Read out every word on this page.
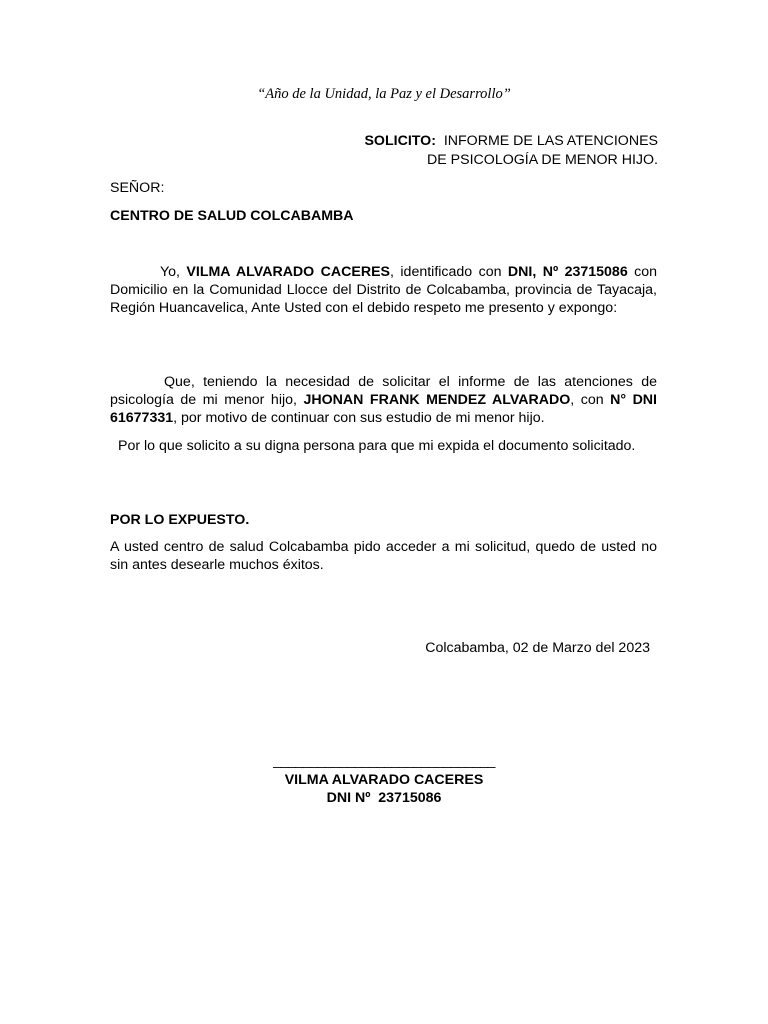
“Año de la Unidad, la Paz y el Desarrollo”
SOLICITO: INFORME DE LAS ATENCIONES
DE PSICOLOGÍA DE MENOR HIJO.
SEÑOR:
CENTRO DE SALUD COLCABAMBA
Yo, VILMA ALVARADO CACERES, identificado con DNI, Nº 23715086 con Domicilio en la Comunidad Llocce del Distrito de Colcabamba, provincia de Tayacaja, Región Huancavelica, Ante Usted con el debido respeto me presento y expongo:
Que, teniendo la necesidad de solicitar el informe de las atenciones de psicología de mi menor hijo, JHONAN FRANK MENDEZ ALVARADO, con N° DNI 61677331, por motivo de continuar con sus estudio de mi menor hijo.
Por lo que solicito a su digna persona para que mi expida el documento solicitado.
POR LO EXPUESTO.
A usted centro de salud Colcabamba pido acceder a mi solicitud, quedo de usted no sin antes desearle muchos éxitos.
Colcabamba, 02 de Marzo del 2023
______________________________
VILMA ALVARADO CACERES
DNI Nº  23715086
